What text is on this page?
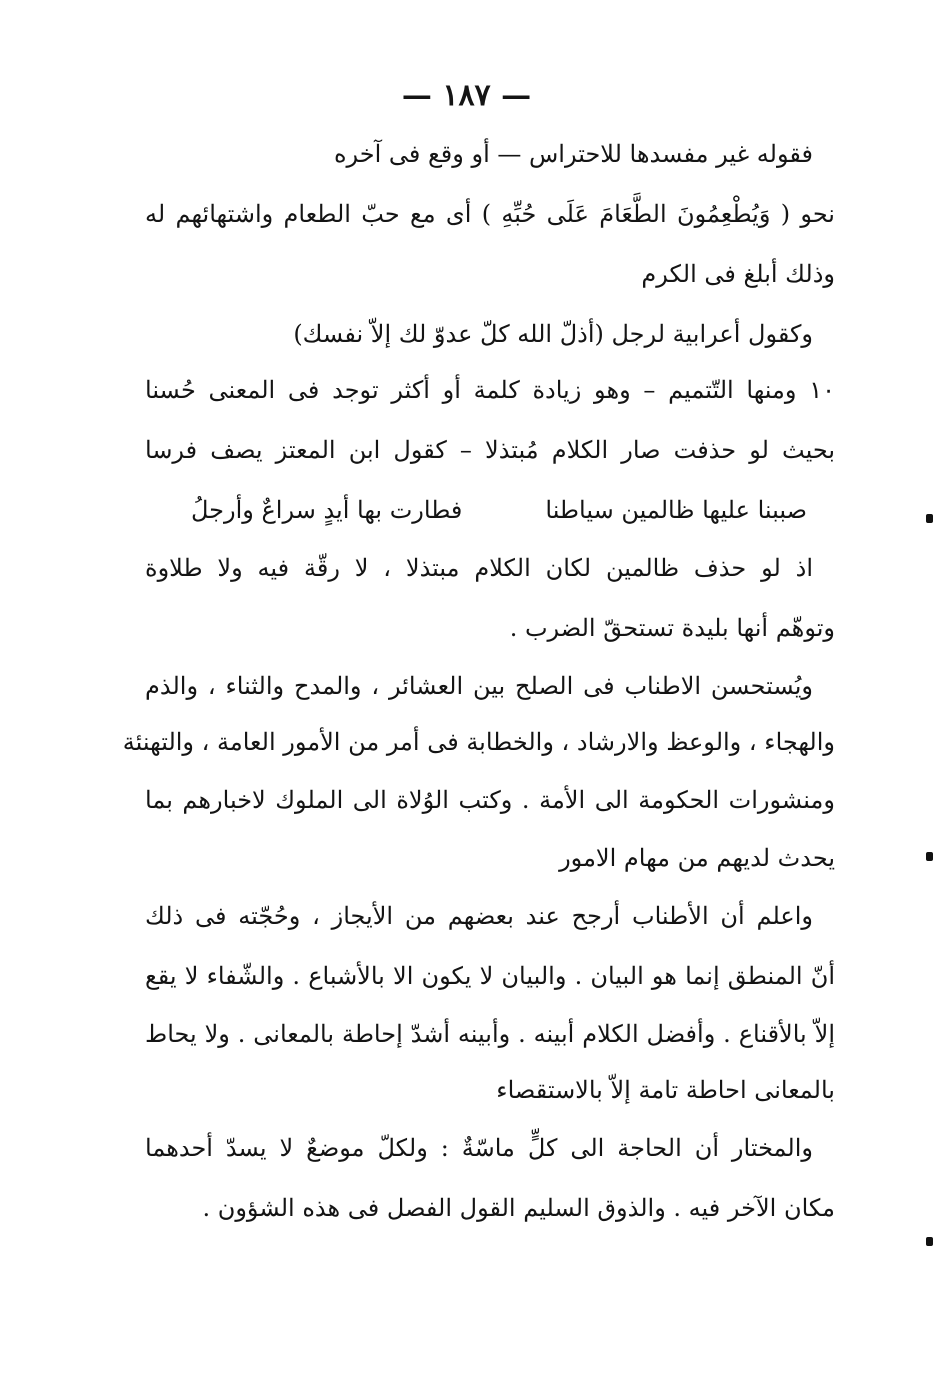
— ١٨٧ —
فقوله غير مفسدها للاحتراس — أو وقع فى آخره
نحو ( وَيُطْعِمُونَ الطَّعَامَ عَلَى حُبِّهِ ) أى مع حبّ الطعام واشتهائهم له
وذلك أبلغ فى الكرم
وكقول أعرابية لرجل (أذلّ الله كلّ عدوّ لك إلاّ نفسك)
١٠ ومنها التّتميم – وهو زيادة كلمة أو أكثر توجد فى المعنى حُسنا
بحيث لو حذفت صار الكلام مُبتذلا – كقول ابن المعتز يصف فرسا
صببنا عليها ظالمين سياطنا
فطارت بها أيدٍ سراعٌ وأرجلُ
اذ لو حذف ظالمين لكان الكلام مبتذلا ، لا رقّة فيه ولا طلاوة
وتوهّم أنها بليدة تستحقّ الضرب .
ويُستحسن الاطناب فى الصلح بين العشائر ، والمدح والثناء ، والذم
والهجاء ، والوعظ والارشاد ، والخطابة فى أمر من الأمور العامة ، والتهنئة
ومنشورات الحكومة الى الأمة . وكتب الوُلاة الى الملوك لاخبارهم بما
يحدث لديهم من مهام الامور
واعلم أن الأطناب أرجح عند بعضهم من الأيجاز ، وحُجّته فى ذلك
أنّ المنطق إنما هو البيان . والبيان لا يكون الا بالأشباع . والشّفاء لا يقع
إلاّ بالأقناع . وأفضل الكلام أبينه . وأبينه أشدّ إحاطة بالمعانى . ولا يحاط
بالمعانى احاطة تامة إلاّ بالاستقصاء
والمختار أن الحاجة الى كلٍّ ماسّةٌ : ولكلّ موضعٌ لا يسدّ أحدهما
مكان الآخر فيه . والذوق السليم القول الفصل فى هذه الشؤون .
